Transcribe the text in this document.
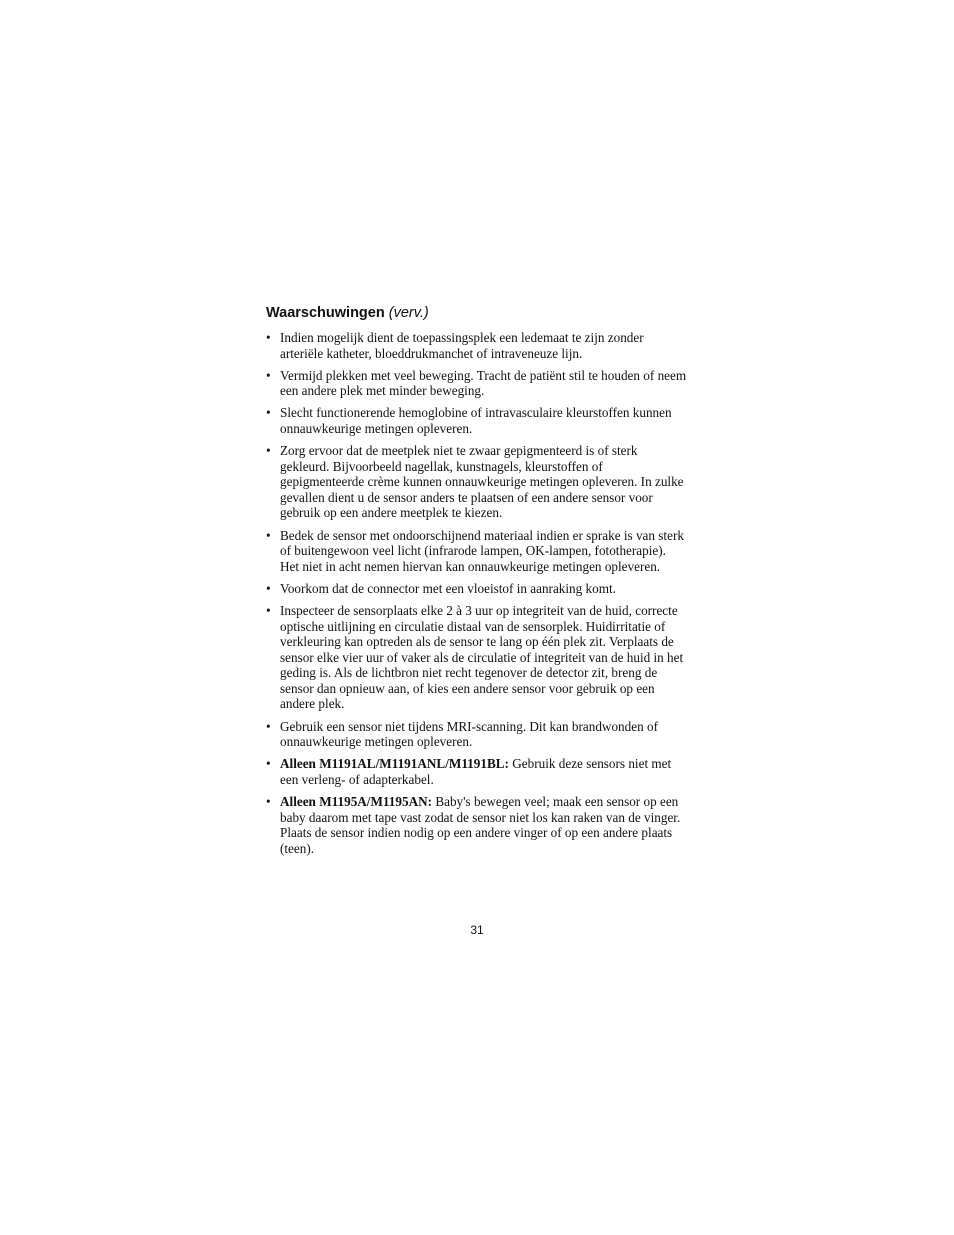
Waarschuwingen (verv.)
• Indien mogelijk dient de toepassingsplek een ledemaat te zijn zonder arteriële katheter, bloeddrukmanchet of intraveneuze lijn.
• Vermijd plekken met veel beweging. Tracht de patiënt stil te houden of neem een andere plek met minder beweging.
• Slecht functionerende hemoglobine of intravasculaire kleurstoffen kunnen onnauwkeurige metingen opleveren.
• Zorg ervoor dat de meetplek niet te zwaar gepigmenteerd is of sterk gekleurd. Bijvoorbeeld nagellak, kunstnagels, kleurstoffen of gepigmenteerde crème kunnen onnauwkeurige metingen opleveren. In zulke gevallen dient u de sensor anders te plaatsen of een andere sensor voor gebruik op een andere meetplek te kiezen.
• Bedek de sensor met ondoorschijnend materiaal indien er sprake is van sterk of buitengewoon veel licht (infrarode lampen, OK-lampen, fototherapie). Het niet in acht nemen hiervan kan onnauwkeurige metingen opleveren.
• Voorkom dat de connector met een vloeistof in aanraking komt.
• Inspecteer de sensorplaats elke 2 à 3 uur op integriteit van de huid, correcte optische uitlijning en circulatie distaal van de sensorplek. Huidirritatie of verkleuring kan optreden als de sensor te lang op één plek zit. Verplaats de sensor elke vier uur of vaker als de circulatie of integriteit van de huid in het geding is. Als de lichtbron niet recht tegenover de detector zit, breng de sensor dan opnieuw aan, of kies een andere sensor voor gebruik op een andere plek.
• Gebruik een sensor niet tijdens MRI-scanning. Dit kan brandwonden of onnauwkeurige metingen opleveren.
• Alleen M1191AL/M1191ANL/M1191BL: Gebruik deze sensors niet met een verleng- of adapterkabel.
• Alleen M1195A/M1195AN: Baby's bewegen veel; maak een sensor op een baby daarom met tape vast zodat de sensor niet los kan raken van de vinger. Plaats de sensor indien nodig op een andere vinger of op een andere plaats (teen).
31
